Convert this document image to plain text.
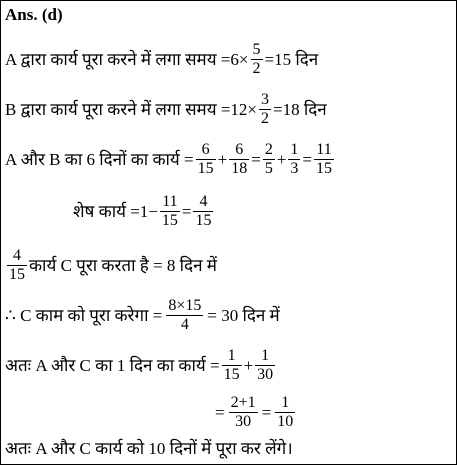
Ans. (d)
A द्वारा कार्य पूरा करने में लगा समय $=6\times \frac{5}{2} =15$ दिन
B द्वारा कार्य पूरा करने में लगा समय $=12\times \frac{3}{2} =18$ दिन
A और B का 6 दिनों का कार्य = $\frac{6}{15} + \frac{6}{18} = \frac{2}{5} + \frac{1}{3} = \frac{11}{15}$
शेष कार्य $=1- \frac{11}{15} = \frac{4}{15}$
$\frac{4}{15}$ कार्य C पूरा करता है = 8 दिन में
∴ C काम को पूरा करेगा = $\frac{8\times 15}{4} = 30$ दिन में
अतः A और C का 1 दिन का कार्य = $\frac{1}{15} + \frac{1}{30}$
= $\frac{2+1}{30} = \frac{1}{10}$
अतः A और C कार्य को 10 दिनों में पूरा कर लेंगे।
